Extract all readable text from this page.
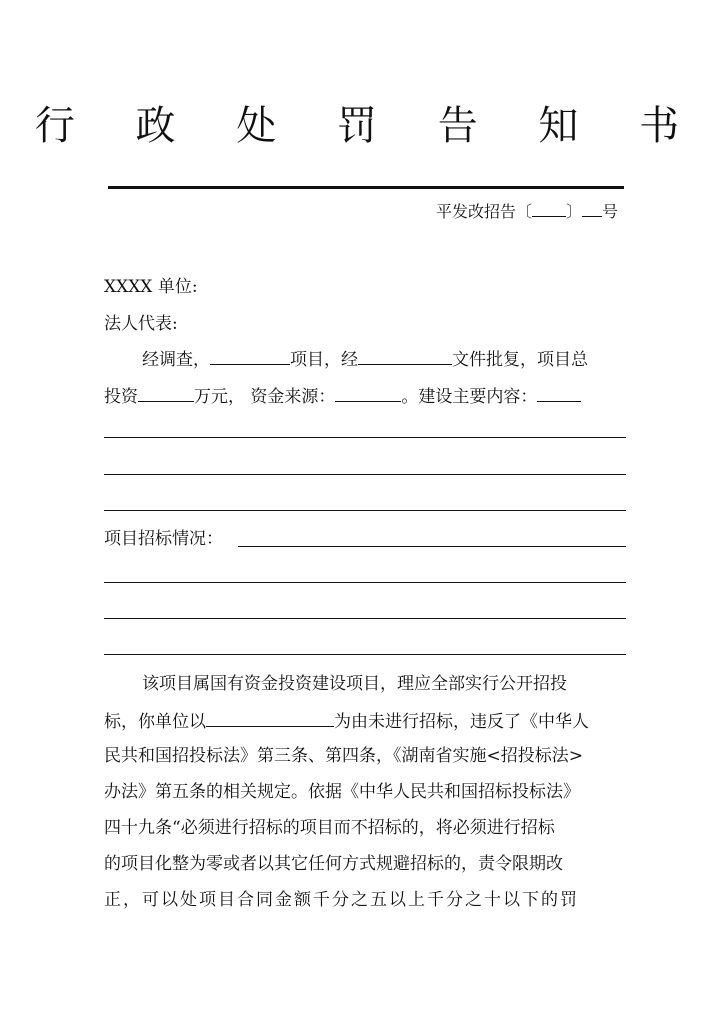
行 政 处 罚 告 知 书
平发改招告〔 〕 号
XXXX 单位:
法人代表:
经调查，	项目，经	文件批复，项目总
投资	万元， 资金来源：	。建设主要内容：
项目招标情况：
该项目属国有资金投资建设项目，理应全部实行公开招投
标，你单位以	为由未进行招标，违反了《中华人
民共和国招投标法》第三条、第四条，《湖南省实施<招投标法>
办法》第五条的相关规定。依据《中华人民共和国招标投标法》
四十九条“必须进行招标的项目而不招标的，将必须进行招标
的项目化整为零或者以其它任何方式规避招标的，责令限期改
正，可以处项目合同金额千分之五以上千分之十以下的罚
